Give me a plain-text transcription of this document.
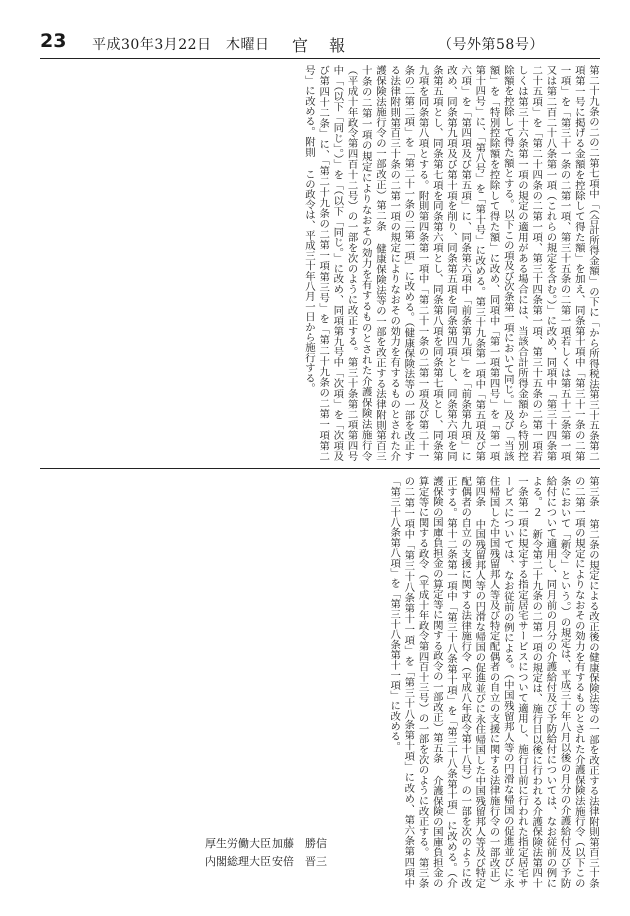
23 平成30年3月22日　木曜日 官 報	（号外第58号）
第二十九条の二の二第七項中「（合計所得金額」の下に「から所得税法第三十五条第二項第一号に掲げる金額を控除して得た額」を加え、同条第十項中「第三十一条の二第一項」を「第三十一条の二第一項、第三十五条の二第一項若しくは第五十二条第一項又は第二百二十八条第一項（これらの規定を含む。）」に改め、同項中「第三十四条第二十五項」を「第二十四条の二第一項、第三十四条第一項、第三十五条の二第一項若しくは第三十六条第一項の規定の適用がある場合には、当該合計所得金額から特別控除額を控除して得た額とする。以下この項及び次条第一項において同じ。」及び「当該額」を「特別控除額を控除して得た額」に改め、同項中「第一項第四号」を「第一項第十四号」に、「第八号」を「第十号」に改める。第三十九条第一項中「第五項及び第六項」を「第四項及び第五項」に、同条第六項中「前条第九項」を「前条第九項」に改め、同条第九項及び第十項を削り、同条第五項を同条第四項とし、同条第六項を同条第五項とし、同条第七項を同条第六項とし、同条第八項を同条第七項とし、同条第九項を同条第八項とする。附則第四条第一項中「第二十一条の二第一項及び第二十一条の二第二項」を「第二十一条の二第一項」に改める。（健康保険法等の一部を改正する法律附則第百三十条の二第一項の規定によりなおその効力を有するものとされた介護保険法施行令の一部改正）第二条 健康保険法等の一部を改正する法律附則第百三十条の二第一項の規定によりなおその効力を有するものとされた介護保険法施行令（平成十年政令第四百十二号）の一部を次のように改正する。第三十条第二項第四号中「（以下「同じ」。）」を「（以下「同じ。」に改め、同項第九号中「次項」を「次項及び第四十二条」に、「第二十九条の二第一項第三号」を「第二十九条の二第一項第二号」に改める。附則 この政令は、平成三十年八月一日から施行する。
第三条 第二条の規定による改正後の健康保険法等の一部を改正する法律附則第百三十条の二第一項の規定によりなおその効力を有するものとされた介護保険法施行令（以下この条において「新令」という。）の規定は、平成三十年八月以後の月分の介護給付及び予防給付について適用し、同月前の月分の介護給付及び予防給付については、なお従前の例による。２ 新令第二十九条の二第一項の規定は、施行日以後に行われる介護保険法第四十一条第一項に規定する指定居宅サービスについて適用し、施行日前に行われた指定居宅サービスについては、なお従前の例による。（中国残留邦人等の円滑な帰国の促進並びに永住帰国した中国残留邦人等及び特定配偶者の自立の支援に関する法律施行令の一部改正）第四条 中国残留邦人等の円滑な帰国の促進並びに永住帰国した中国残留邦人等及び特定配偶者の自立の支援に関する法律施行令（平成八年政令第十八号）の一部を次のように改正する。第十二条第一項中「第三十八条第十項」を「第三十八条第十項」に改める。（介護保険の国庫負担金の算定等に関する政令の一部改正）第五条 介護保険の国庫負担金の算定等に関する政令（平成十年政令第四百十三号）の一部を次のように改正する。第三条の二第一項中「第三十八条第十一項」を「第三十八条第十項」に改め、第六条第四項中「第三十八条第八項」を「第三十八条第十一項」に改める。
厚生労働大臣 加藤　勝信
内閣総理大臣 安倍　晋三
